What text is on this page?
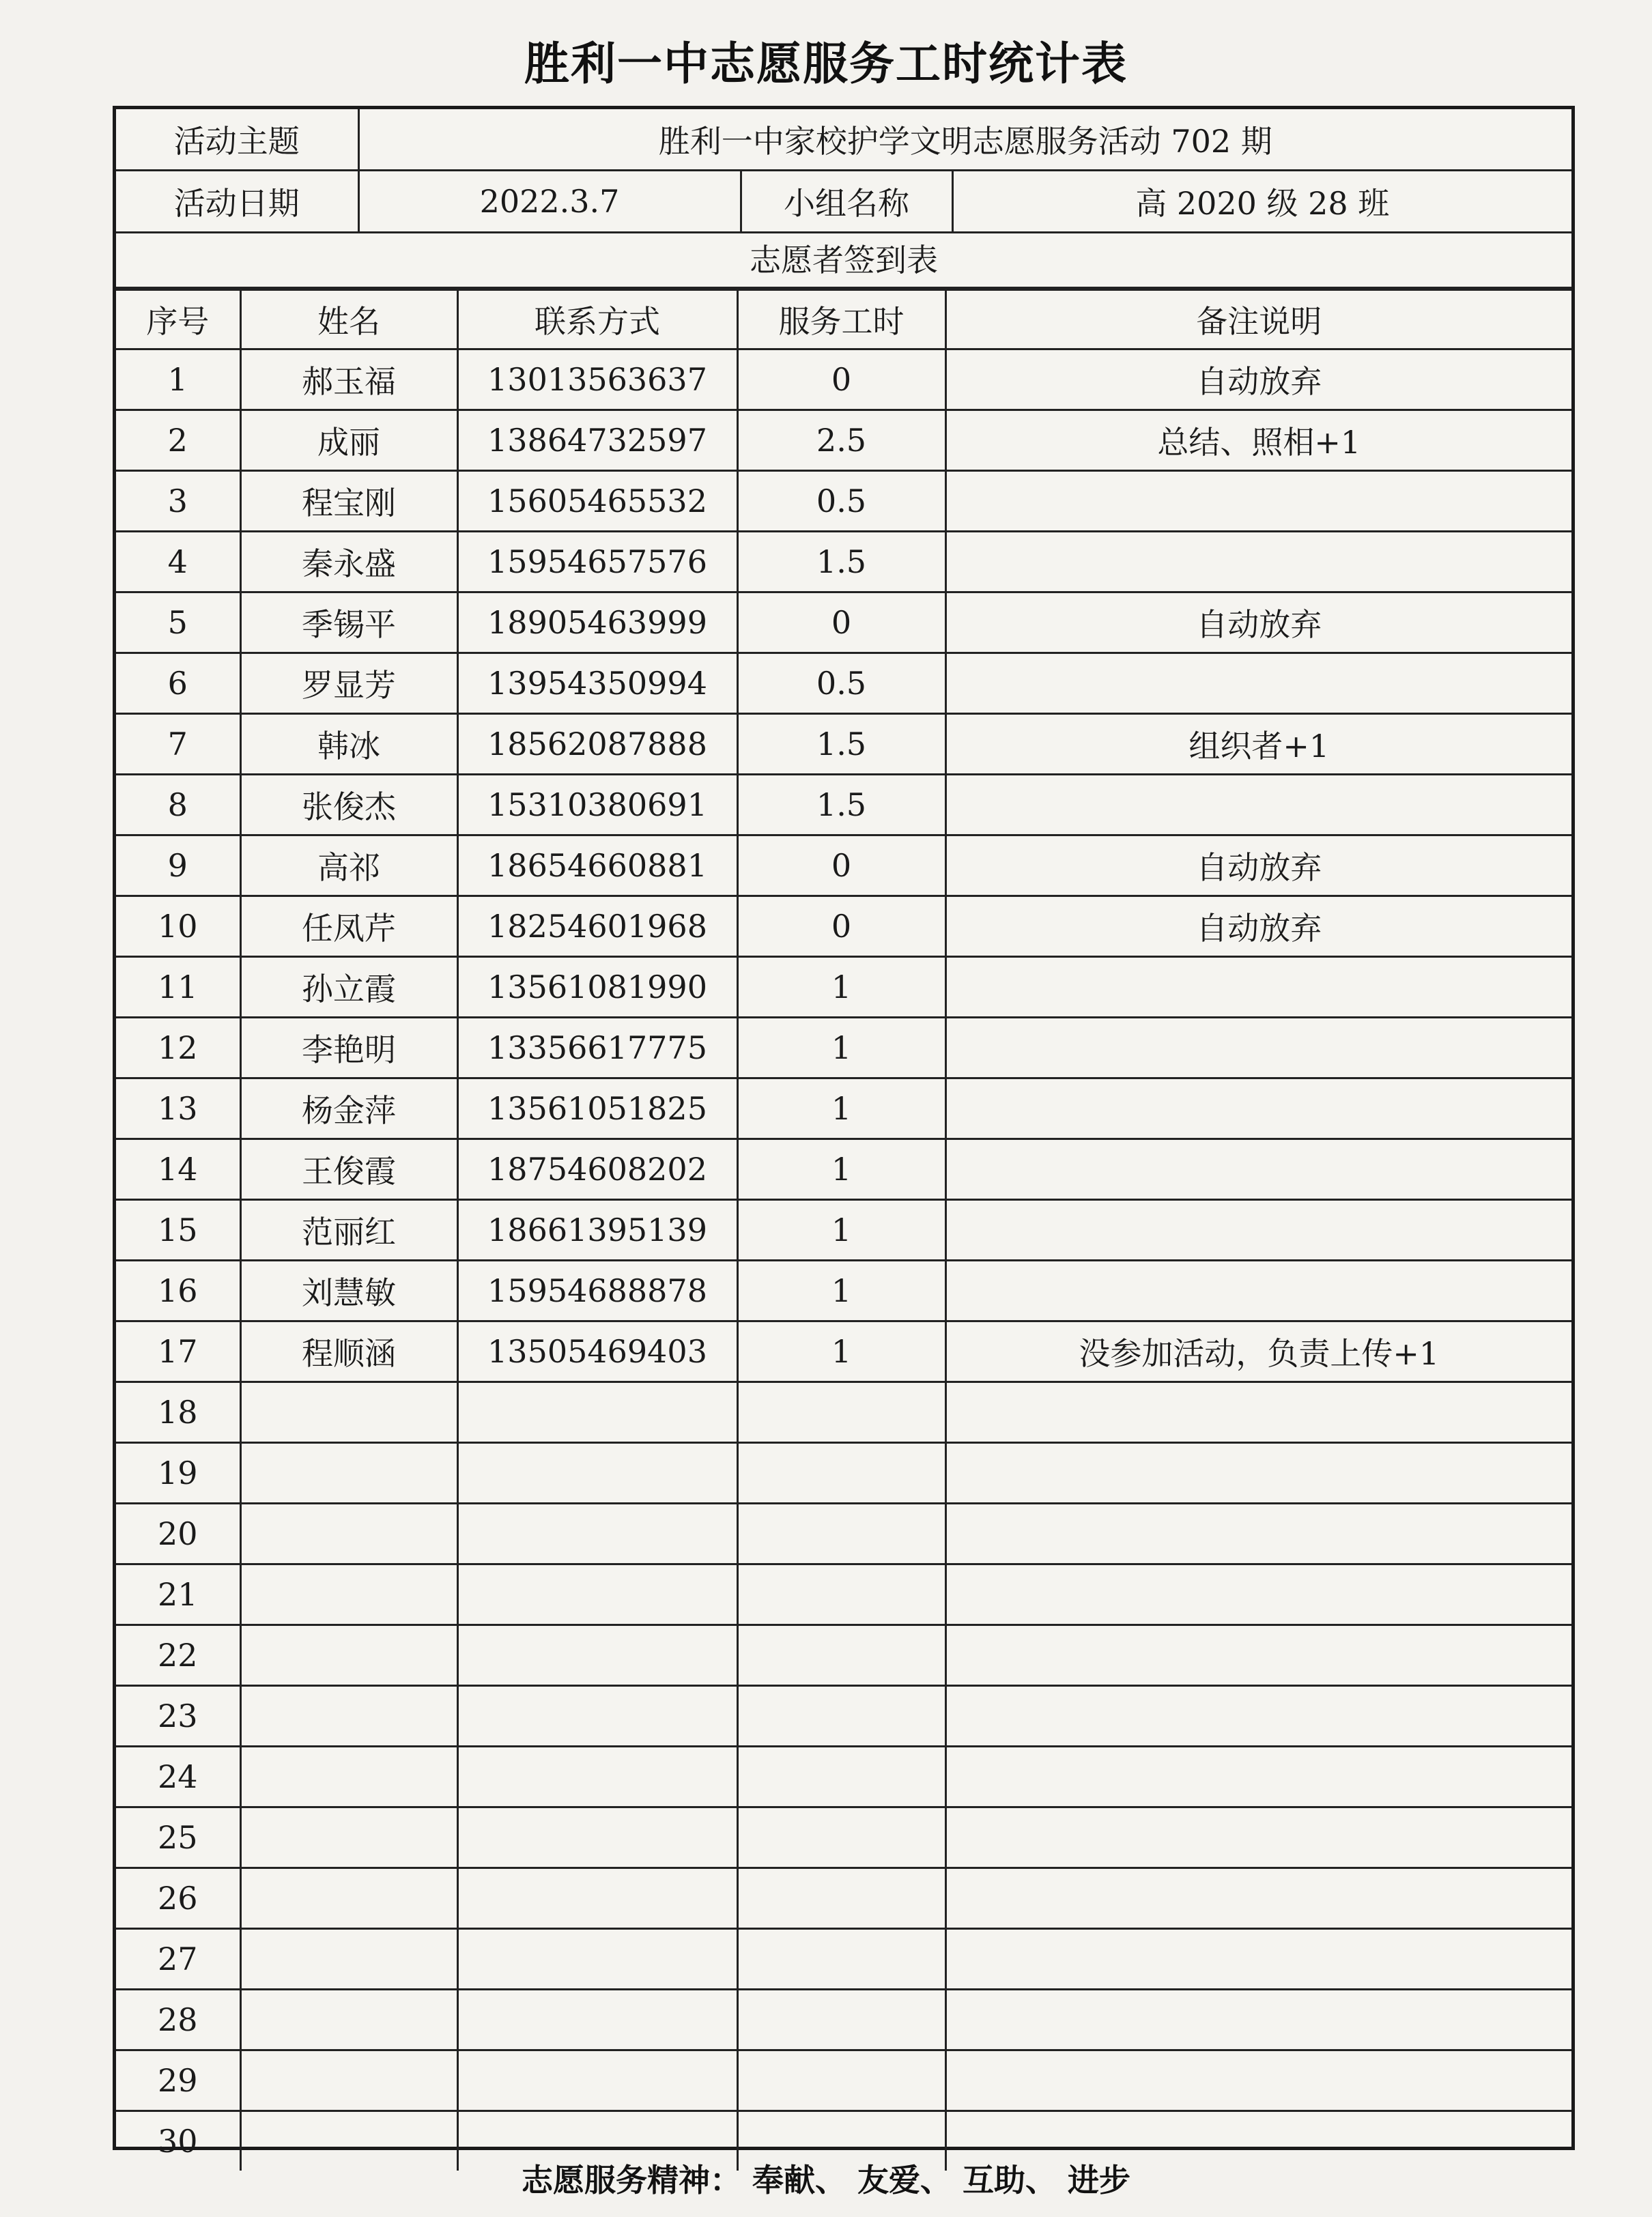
胜利一中志愿服务工时统计表
活动主题	胜利一中家校护学文明志愿服务活动 702 期		
活动日期	2022.3.7	小组名称	高 2020 级 28 班
志愿者签到表
序号	姓名	联系方式	服务工时	备注说明
1	郝玉福	13013563637	0	自动放弃
2	成丽	13864732597	2.5	总结、照相+1
3	程宝刚	15605465532	0.5	
4	秦永盛	15954657576	1.5	
5	季锡平	18905463999	0	自动放弃
6	罗显芳	13954350994	0.5	
7	韩冰	18562087888	1.5	组织者+1
8	张俊杰	15310380691	1.5	
9	高祁	18654660881	0	自动放弃
10	任凤芹	18254601968	0	自动放弃
11	孙立霞	13561081990	1	
12	李艳明	13356617775	1	
13	杨金萍	13561051825	1	
14	王俊霞	18754608202	1	
15	范丽红	18661395139	1	
16	刘慧敏	15954688878	1	
17	程顺涵	13505469403	1	没参加活动，负责上传+1
18				
19				
20				
21				
22				
23				
24				
25				
26				
27				
28				
29				
30				
志愿服务精神： 奉献、 友爱、 互助、 进步
